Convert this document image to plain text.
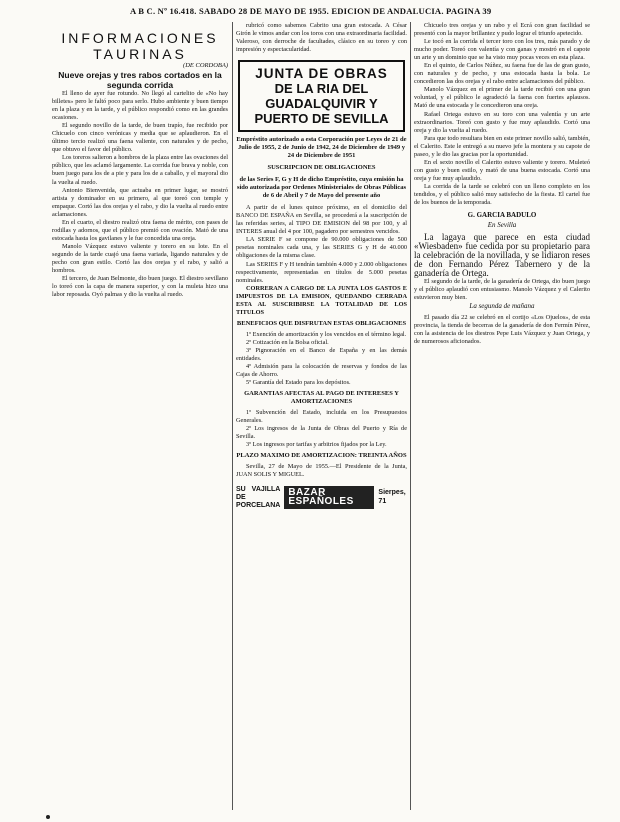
A B C. Nº 16.418. SABADO 28 DE MAYO DE 1955. EDICION DE ANDALUCIA. PAGINA 39
INFORMACIONES TAURINAS
(DE CORDOBA)
Nueve orejas y tres rabos cortados en la segunda corrida

El lleno de ayer fue rotundo. No llegó al cartelito de «No hay billetes» pero le faltó poco para serlo. Hubo ambiente y buen tiempo en la plaza y en la tarde, y el público respondió como en las grandes ocasiones.

El segundo novillo de la tarde, de buen trapío, fue recibido por Chicuelo con cinco verónicas y media que se aplaudieron. En el último tercio realizó una faena valiente, con naturales y de pecho, que obtuvo el favor del público.

Los toreros salieron a hombros de la plaza entre las ovaciones del público, que les aclamó largamente. La corrida fue brava y noble, con buen juego para los de a pie y para los de a caballo, y el mayoral dio la vuelta al ruedo.

Antonio Bienvenida, que actuaba en primer lugar, se mostró artista y dominador en su primero, al que toreó con temple y empaque. Cortó las dos orejas y el rabo, y dio la vuelta al ruedo entre aclamaciones.

En el cuarto, el diestro realizó otra faena de mérito, con pases de rodillas y adornos, que el público premió con ovación. Mató de una estocada hasta los gavilanes y le fue concedida una oreja.

Manolo Vázquez estuvo valiente y torero en su lote. En el segundo de la tarde cuajó una faena variada, ligando naturales y de pecho con gran estilo. Cortó las dos orejas y el rabo, y salió a hombros.

El tercero, de Juan Belmonte, dio buen juego. El diestro sevillano lo toreó con la capa de manera superior, y con la muleta hizo una labor reposada. Oyó palmas y dio la vuelta al ruedo.

rubricó como sabemos Cabrito una gran estocada. A César Girón le vimos andar con los toros con una extraordinaria facilidad. Valeroso, con derroche de facultades, clásico en su toreo y con impresión y espectacularidad.

JUNTA DE OBRAS
DE LA RIA DEL GUADALQUIVIR Y PUERTO DE SEVILLA
Empréstito autorizado a esta Corporación por Leyes de 21 de Julio de 1955, 2 de Junio de 1942, 24 de Diciembre de 1949 y 24 de Diciembre de 1951
SUSCRIPCION DE OBLIGACIONES
de las Series F, G y H de dicho Empréstito, cuya emisión ha sido autorizada por Ordenes Ministeriales de Obras Públicas de 6 de Abril y 7 de Mayo del presente año

A partir de el lunes quince próximo, en el domicilio del BANCO DE ESPAÑA en Sevilla, se procederá a la suscripción de las referidas series, al TIPO DE EMISION del 98 por 100, y al INTERES anual del 4 por 100, pagadero por semestres vencidos.

LA SERIE F se compone de 90.000 obligaciones de 500 pesetas nominales cada una, y las SERIES G y H de 40.000 obligaciones de la misma clase.

Las SERIES F y H tendrán también 4.000 y 2.000 obligaciones respectivamente, representadas en títulos de 5.000 pesetas nominales.

CORRERAN A CARGO DE LA JUNTA LOS GASTOS E IMPUESTOS DE LA EMISION, QUEDANDO CERRADA ESTA AL SUSCRIBIRSE LA TOTALIDAD DE LOS TITULOS

BENEFICIOS QUE DISFRUTAN ESTAS OBLIGACIONES

1º Exención de amortización y los vencidos en el término legal.

2º Cotización en la Bolsa oficial.

3º Pignoración en el Banco de España y en las demás entidades.

4º Admisión para la colocación de reservas y fondos de las Cajas de Ahorro.

5º Garantía del Estado para los depósitos.

GARANTIAS AFECTAS AL PAGO DE INTERESES Y AMORTIZACIONES

1º Subvención del Estado, incluida en los Presupuestos Generales.

2º Los ingresos de la Junta de Obras del Puerto y Ría de Sevilla.

3º Los ingresos por tarifas y arbitrios fijados por la Ley.

PLAZO MAXIMO DE AMORTIZACION: TREINTA AÑOS

Sevilla, 27 de Mayo de 1955.—El Presidente de la Junta, JUAN SOLIS Y MIGUEL.

SU VAJILLA DE PORCELANA
BAZAR ESPAÑOLES
Sierpes, 71

Chicuelo tres orejas y un rabo y el Ecrá con gran facilidad se presentó con la mayor brillantez y pudo lograr el triunfo apetecido.

Le tocó en la corrida el tercer toro con los tres, más parado y de mucho poder. Toreó con valentía y con ganas y mostró en el capote un arte y un dominio que se ha visto muy pocas veces en esta plaza.

En el quinto, de Carlos Núñez, su faena fue de las de gran gusto, con naturales y de pecho, y una estocada hasta la bola. Le concedieron las dos orejas y el rabo entre aclamaciones del público.

Manolo Vázquez en el primer de la tarde recibió con una gran voluntad, y el público le agradeció la faena con fuertes aplausos. Mató de una estocada y le concedieron una oreja.

Rafael Ortega estuvo en su toro con una valentía y un arte extraordinarios. Toreó con gusto y fue muy aplaudido. Cortó una oreja y dio la vuelta al ruedo.

Para que todo resultara bien en este primer novillo salió, también, el Calerito. Este le entregó a su nuevo jefe la montera y su capote de paseo, y le dio las gracias por la oportunidad.

En el sexto novillo el Calerito estuvo valiente y torero. Muleteó con gusto y buen estilo, y mató de una buena estocada. Cortó una oreja y fue muy aplaudido.

La corrida de la tarde se celebró con un lleno completo en los tendidos, y el público salió muy satisfecho de la fiesta. El cartel fue de los buenos de la temporada.

G. GARCIA BADULO
En Sevilla

La lagaya que parece en esta ciudad «Wiesbaden» fue cedida por su propietario para la celebración de la novillada, y se lidiaron reses de don Fernando Pérez Tabernero y de la ganadería de Ortega.

El segundo de la tarde, de la ganadería de Ortega, dio buen juego y el público aplaudió con entusiasmo. Manolo Vázquez y el Calerito estuvieron muy bien.

La segunda de mañana

El pasado día 22 se celebró en el cortijo «Los Ojuelos», de esta provincia, la tienda de becerras de la ganadería de don Fermín Pérez, con la asistencia de los diestros Pepe Luis Vázquez y Juan Ortega, y de numerosos aficionados.
